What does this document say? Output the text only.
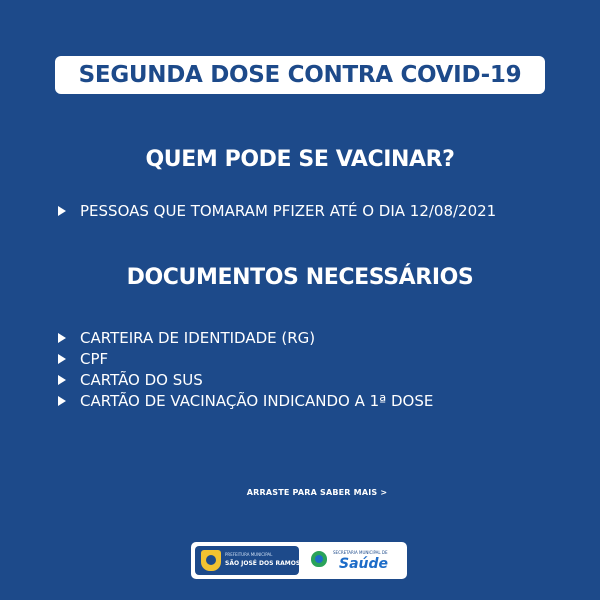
SEGUNDA DOSE CONTRA COVID-19
QUEM PODE SE VACINAR?
PESSOAS QUE TOMARAM PFIZER ATÉ O DIA 12/08/2021
DOCUMENTOS NECESSÁRIOS
CARTEIRA DE IDENTIDADE (RG)
CPF
CARTÃO DO SUS
CARTÃO DE VACINAÇÃO INDICANDO A 1ª DOSE
ARRASTE PARA SABER MAIS >
PREFEITURA MUNICIPAL
SÃO JOSÉ DOS RAMOS
SECRETARIA MUNICIPAL DE
Saúde
